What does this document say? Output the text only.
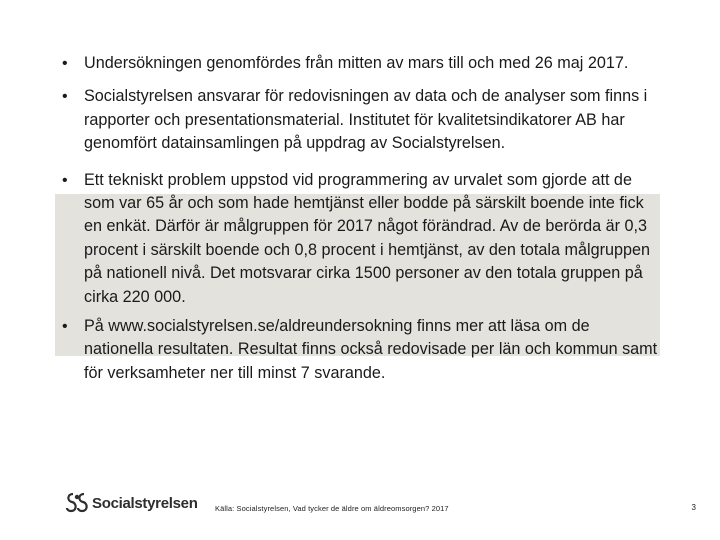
• Undersökningen genomfördes från mitten av mars till och med 26 maj 2017.
• Socialstyrelsen ansvarar för redovisningen av data och de analyser som finns i rapporter och presentationsmaterial. Institutet för kvalitetsindikatorer AB har genomfört datainsamlingen på uppdrag av Socialstyrelsen.
• Ett tekniskt problem uppstod vid programmering av urvalet som gjorde att de som var 65 år och som hade hemtjänst eller bodde på särskilt boende inte fick en enkät. Därför är målgruppen för 2017 något förändrad. Av de berörda är 0,3 procent i särskilt boende och 0,8 procent i hemtjänst, av den totala målgruppen på nationell nivå. Det motsvarar cirka 1500 personer av den totala gruppen på cirka 220 000.
• På www.socialstyrelsen.se/aldreundersokning finns mer att läsa om de nationella resultaten. Resultat finns också redovisade per län och kommun samt för verksamheter ner till minst 7 svarande.
Socialstyrelsen Källa: Socialstyrelsen, Vad tycker de äldre om äldreomsorgen? 2017	3
